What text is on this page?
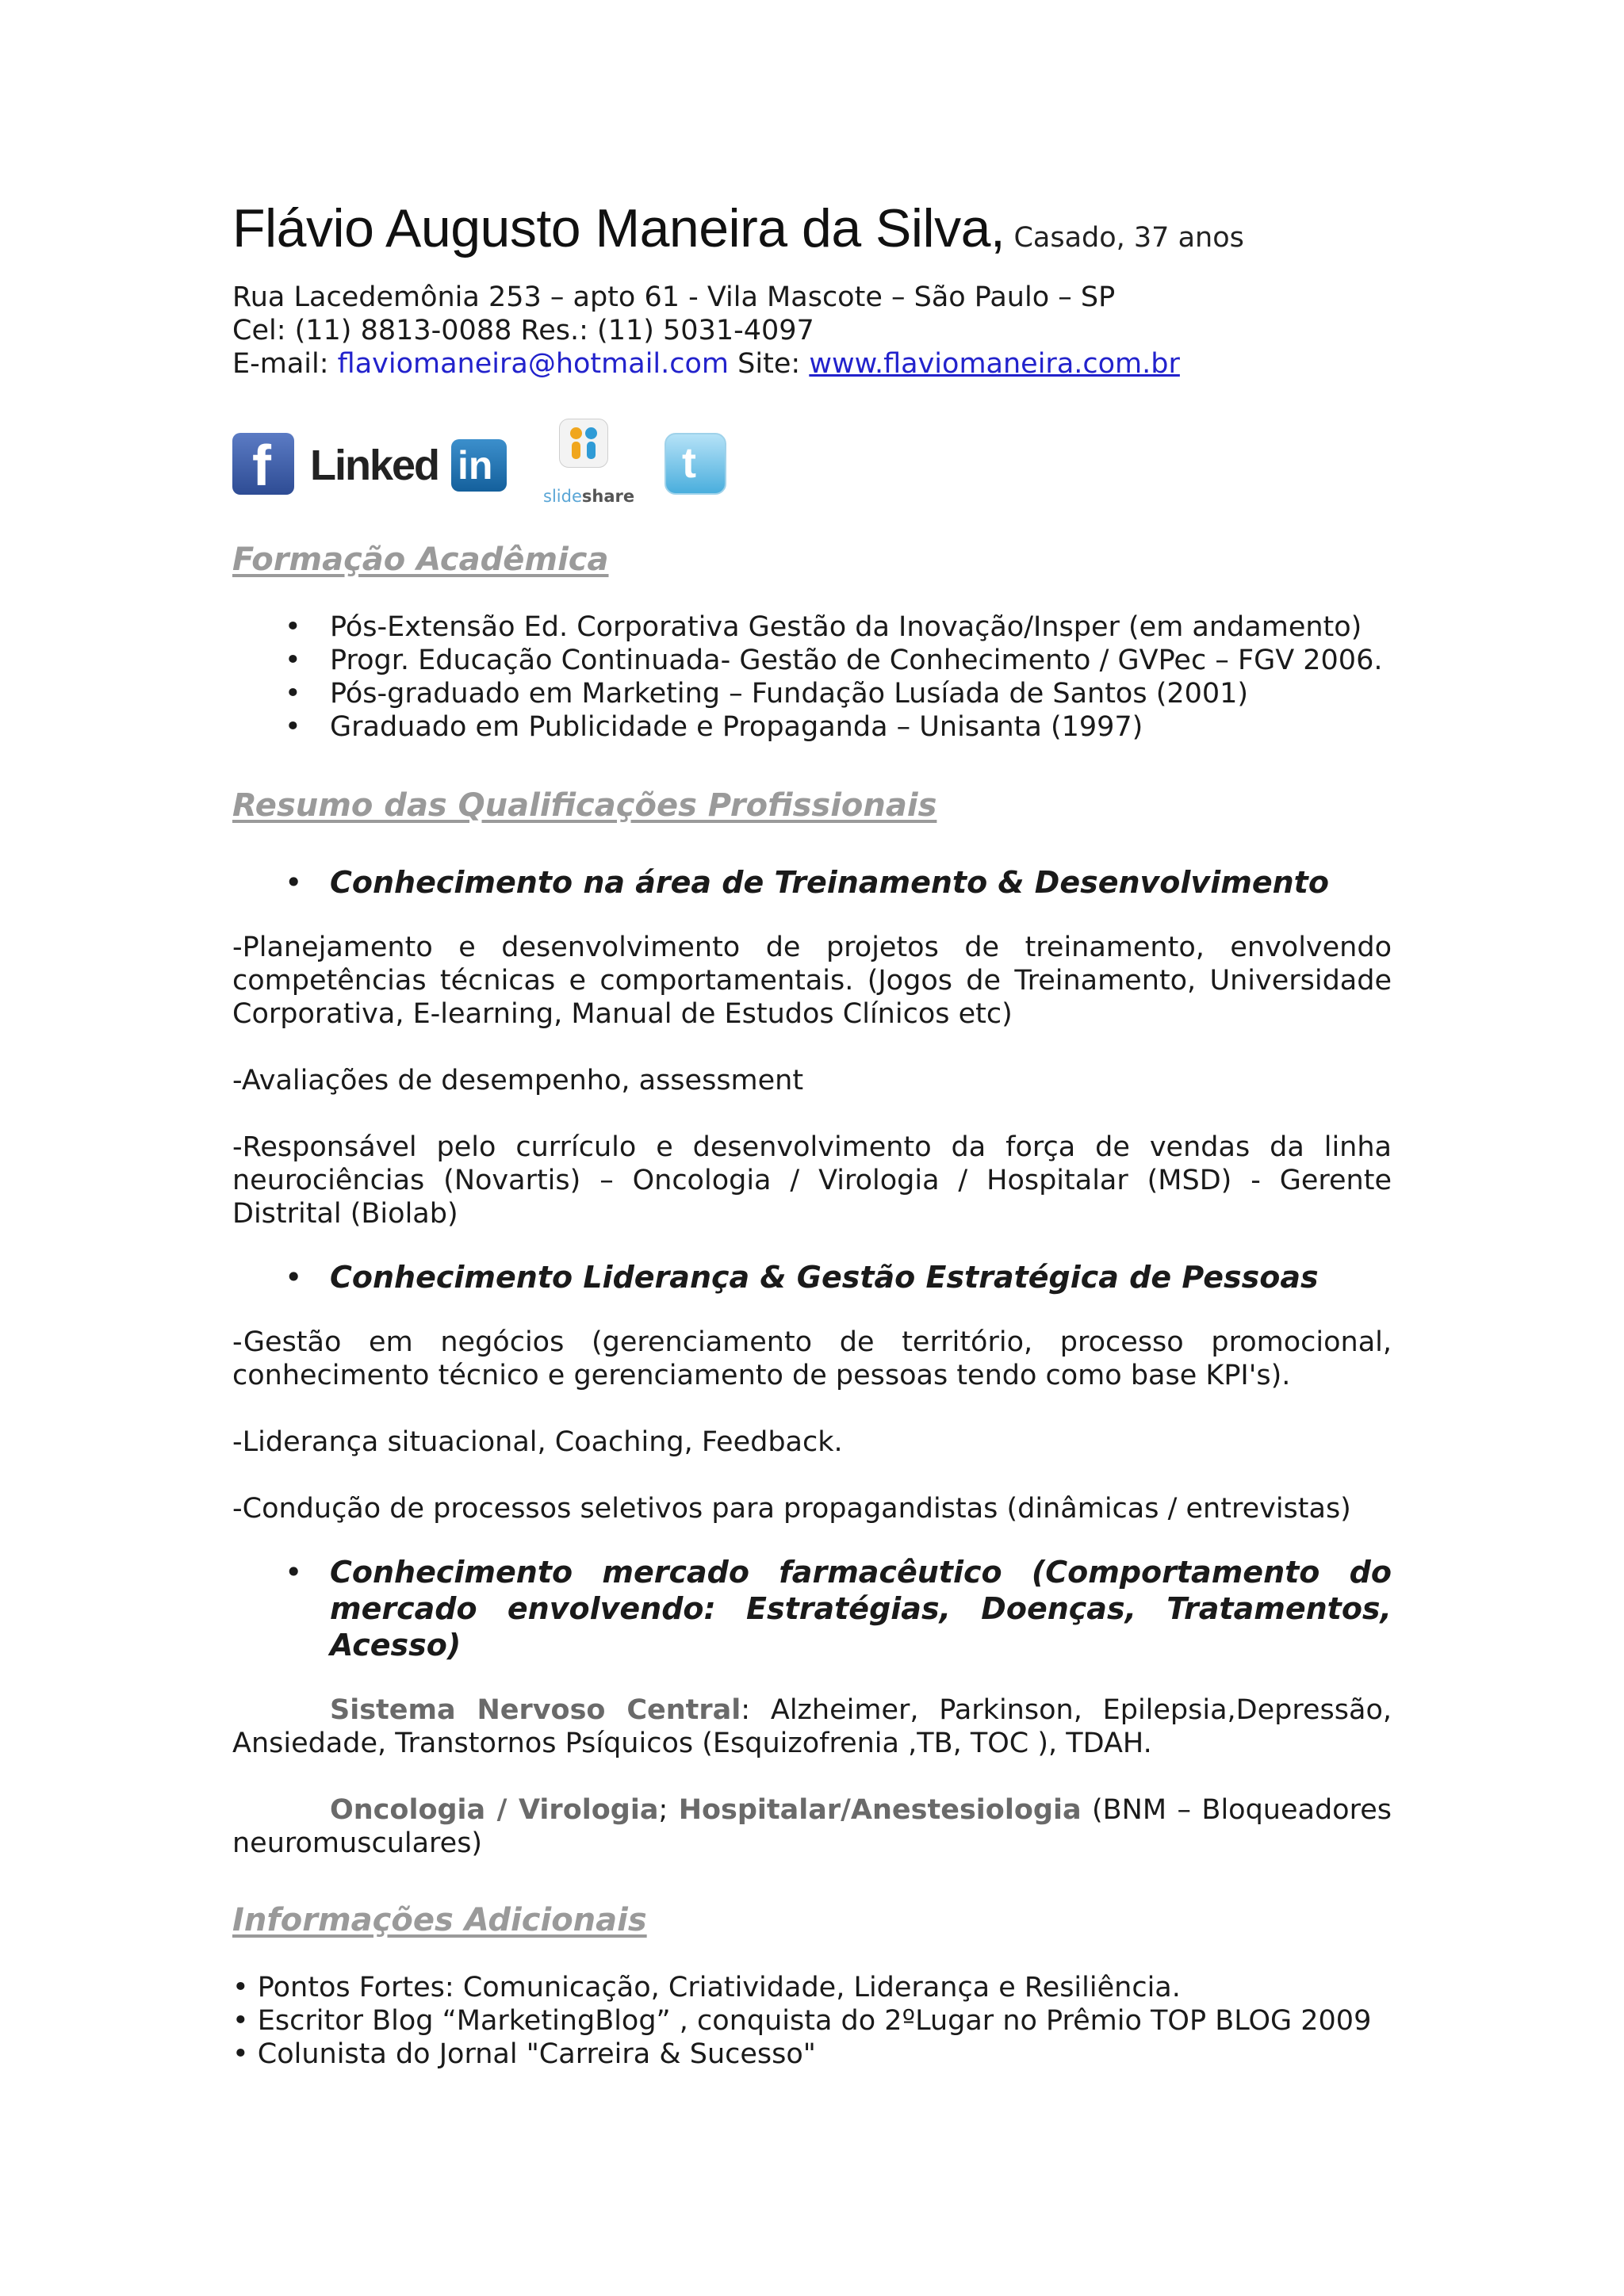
Flávio Augusto Maneira da Silva, Casado, 37 anos
Rua Lacedemônia 253 – apto 61 - Vila Mascote – São Paulo – SP
Cel: (11) 8813-0088 Res.: (11) 5031-4097
E-mail: flaviomaneira@hotmail.com Site: www.flaviomaneira.com.br
f Linked in
slideshare
t
Formação Acadêmica
• Pós-Extensão Ed. Corporativa Gestão da Inovação/Insper (em andamento)
• Progr. Educação Continuada- Gestão de Conhecimento / GVPec – FGV 2006.
• Pós-graduado em Marketing – Fundação Lusíada de Santos (2001)
• Graduado em Publicidade e Propaganda – Unisanta (1997)
Resumo das Qualificações Profissionais
• Conhecimento na área de Treinamento & Desenvolvimento

-Planejamento e desenvolvimento de projetos de treinamento, envolvendo competências técnicas e comportamentais. (Jogos de Treinamento, Universidade Corporativa, E-learning, Manual de Estudos Clínicos etc)

-Avaliações de desempenho, assessment

-Responsável pelo currículo e desenvolvimento da força de vendas da linha neurociências (Novartis) – Oncologia / Virologia / Hospitalar (MSD) - Gerente Distrital (Biolab)

• Conhecimento Liderança & Gestão Estratégica de Pessoas

-Gestão em negócios (gerenciamento de território, processo promocional, conhecimento técnico e gerenciamento de pessoas tendo como base KPI's).

-Liderança situacional, Coaching, Feedback.

-Condução de processos seletivos para propagandistas (dinâmicas / entrevistas)

• Conhecimento mercado farmacêutico (Comportamento do mercado envolvendo: Estratégias, Doenças, Tratamentos, Acesso)

Sistema Nervoso Central: Alzheimer, Parkinson, Epilepsia,Depressão, Ansiedade, Transtornos Psíquicos (Esquizofrenia ,TB, TOC ), TDAH.

Oncologia / Virologia; Hospitalar/Anestesiologia (BNM – Bloqueadores neuromusculares)

Informações Adicionais
• Pontos Fortes: Comunicação, Criatividade, Liderança e Resiliência.
• Escritor Blog “MarketingBlog” , conquista do 2ºLugar no Prêmio TOP BLOG 2009
• Colunista do Jornal "Carreira & Sucesso"
